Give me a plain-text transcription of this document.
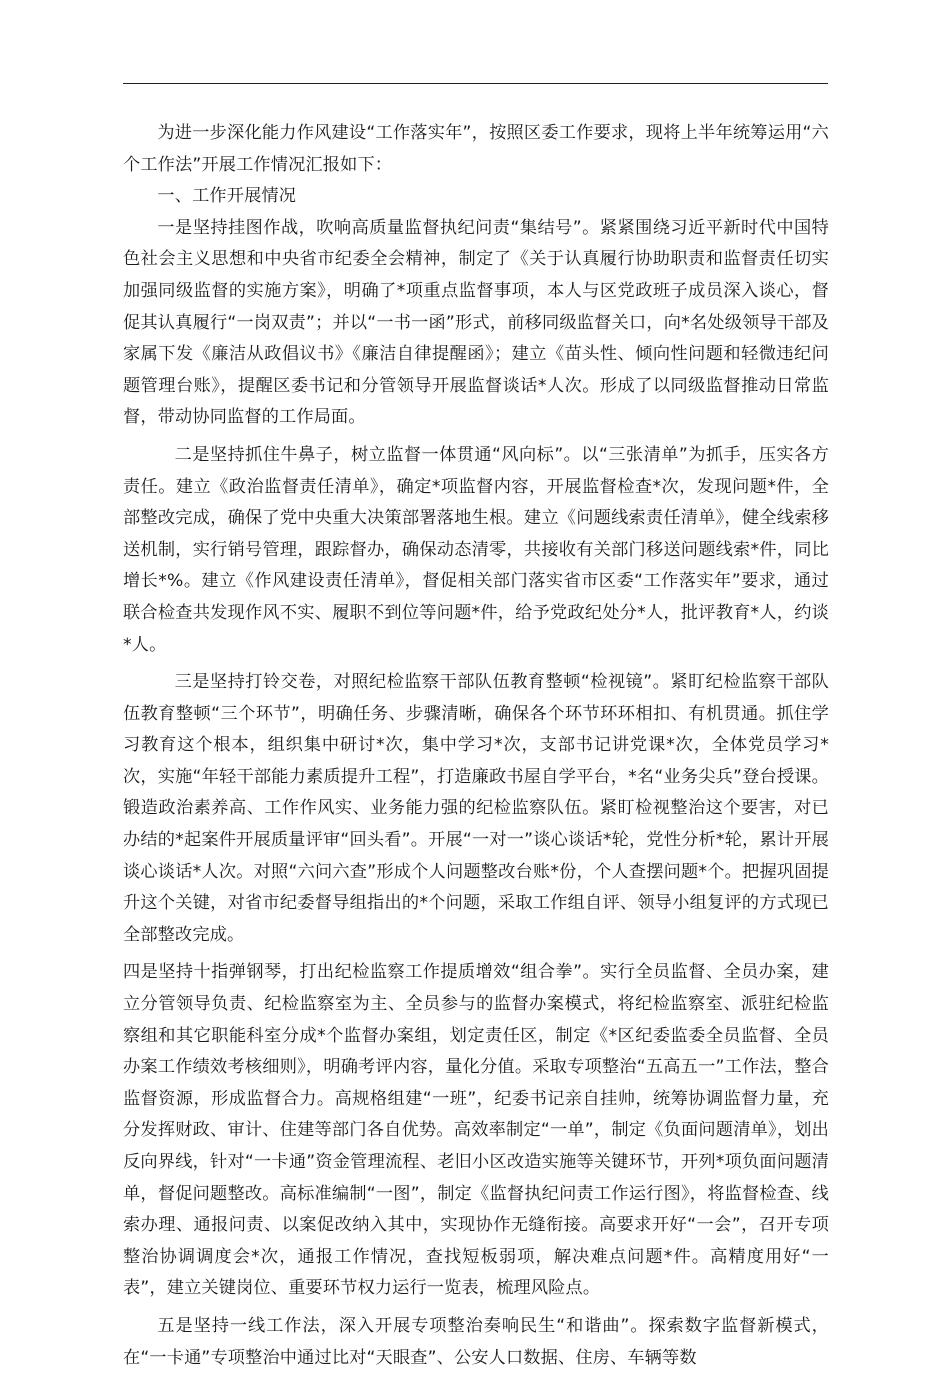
为进一步深化能力作风建设“工作落实年”，按照区委工作要求，现将上半年统筹运用“六个工作法”开展工作情况汇报如下：

一、工作开展情况

一是坚持挂图作战，吹响高质量监督执纪问责“集结号”。紧紧围绕习近平新时代中国特色社会主义思想和中央省市纪委全会精神，制定了《关于认真履行协助职责和监督责任切实加强同级监督的实施方案》，明确了*项重点监督事项，本人与区党政班子成员深入谈心，督促其认真履行“一岗双责”；并以“一书一函”形式，前移同级监督关口，向*名处级领导干部及家属下发《廉洁从政倡议书》《廉洁自律提醒函》；建立《苗头性、倾向性问题和轻微违纪问题管理台账》，提醒区委书记和分管领导开展监督谈话*人次。形成了以同级监督推动日常监督，带动协同监督的工作局面。

二是坚持抓住牛鼻子，树立监督一体贯通“风向标”。以“三张清单”为抓手，压实各方责任。建立《政治监督责任清单》，确定*项监督内容，开展监督检查*次，发现问题*件，全部整改完成，确保了党中央重大决策部署落地生根。建立《问题线索责任清单》，健全线索移送机制，实行销号管理，跟踪督办，确保动态清零，共接收有关部门移送问题线索*件，同比增长*%。建立《作风建设责任清单》，督促相关部门落实省市区委“工作落实年”要求，通过联合检查共发现作风不实、履职不到位等问题*件，给予党政纪处分*人，批评教育*人，约谈*人。

三是坚持打铃交卷，对照纪检监察干部队伍教育整顿“检视镜”。紧盯纪检监察干部队伍教育整顿“三个环节”，明确任务、步骤清晰，确保各个环节环环相扣、有机贯通。抓住学习教育这个根本，组织集中研讨*次，集中学习*次，支部书记讲党课*次，全体党员学习*次，实施“年轻干部能力素质提升工程”，打造廉政书屋自学平台，*名“业务尖兵”登台授课。锻造政治素养高、工作作风实、业务能力强的纪检监察队伍。紧盯检视整治这个要害，对已办结的*起案件开展质量评审“回头看”。开展“一对一”谈心谈话*轮，党性分析*轮，累计开展谈心谈话*人次。对照“六问六查”形成个人问题整改台账*份，个人查摆问题*个。把握巩固提升这个关键，对省市纪委督导组指出的*个问题，采取工作组自评、领导小组复评的方式现已全部整改完成。

四是坚持十指弹钢琴，打出纪检监察工作提质增效“组合拳”。实行全员监督、全员办案，建立分管领导负责、纪检监察室为主、全员参与的监督办案模式，将纪检监察室、派驻纪检监察组和其它职能科室分成*个监督办案组，划定责任区，制定《*区纪委监委全员监督、全员办案工作绩效考核细则》，明确考评内容，量化分值。采取专项整治“五高五一”工作法，整合监督资源，形成监督合力。高规格组建“一班”，纪委书记亲自挂帅，统筹协调监督力量，充分发挥财政、审计、住建等部门各自优势。高效率制定“一单”，制定《负面问题清单》，划出反向界线，针对“一卡通”资金管理流程、老旧小区改造实施等关键环节，开列*项负面问题清单，督促问题整改。高标准编制“一图”，制定《监督执纪问责工作运行图》，将监督检查、线索办理、通报问责、以案促改纳入其中，实现协作无缝衔接。高要求开好“一会”，召开专项整治协调调度会*次，通报工作情况，查找短板弱项，解决难点问题*件。高精度用好“一表”，建立关键岗位、重要环节权力运行一览表，梳理风险点。

五是坚持一线工作法，深入开展专项整治奏响民生“和谐曲”。探索数字监督新模式，在“一卡通”专项整治中通过比对“天眼查”、公安人口数据、住房、车辆等数
